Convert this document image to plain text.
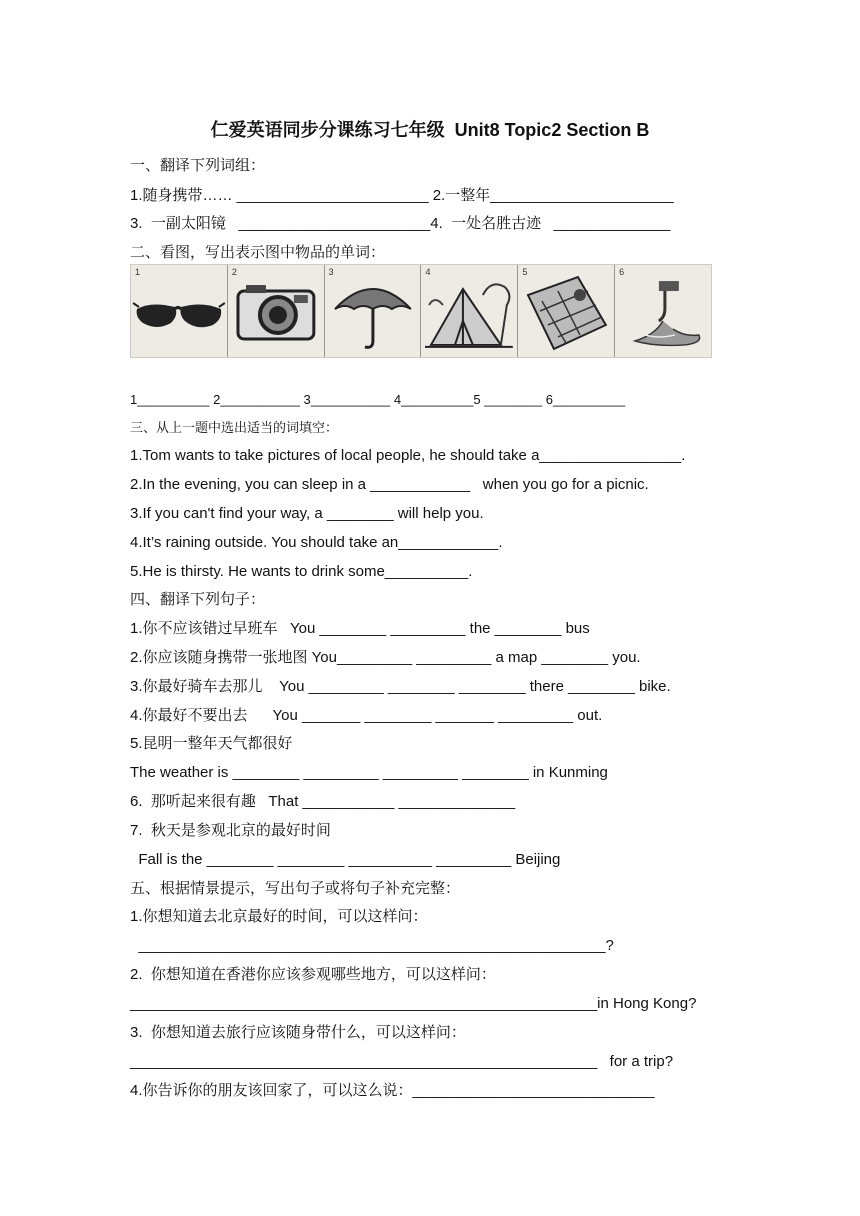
仁爱英语同步分课练习七年级  Unit8 Topic2 Section B
一、翻译下列词组：
1.随身携带…… _______________________ 2.一整年______________________
3.  一副太阳镜   _______________________4.  一处名胜古迹   ______________
二、看图，写出表示图中物品的单词：
1	2	3	4	5	6
1__________ 2___________ 3___________ 4__________5 ________ 6__________
三、从上一题中选出适当的词填空：
1.Tom wants to take pictures of local people, he should take a_________________.
2.In the evening, you can sleep in a ____________   when you go for a picnic.
3.If you can't find your way, a ________ will help you.
4.It’s raining outside. You should take an____________.
5.He is thirsty. He wants to drink some__________.
四、翻译下列句子：
1.你不应该错过早班车   You ________ _________ the ________ bus
2.你应该随身携带一张地图 You_________ _________ a map ________ you.
3.你最好骑车去那儿    You _________ ________ ________ there ________ bike.
4.你最好不要出去      You _______ ________ _______ _________ out.
5.昆明一整年天气都很好
The weather is ________ _________ _________ ________ in Kunming
6.  那听起来很有趣   That ___________ ______________
7.  秋天是参观北京的最好时间
Fall is the ________ ________ __________ _________ Beijing
五、根据情景提示，写出句子或将句子补充完整：
1.你想知道去北京最好的时间，可以这样问：
________________________________________________________?
2.  你想知道在香港你应该参观哪些地方，可以这样问：
________________________________________________________in Hong Kong?
3.  你想知道去旅行应该随身带什么，可以这样问：
________________________________________________________   for a trip?
4.你告诉你的朋友该回家了，可以这么说：_____________________________
